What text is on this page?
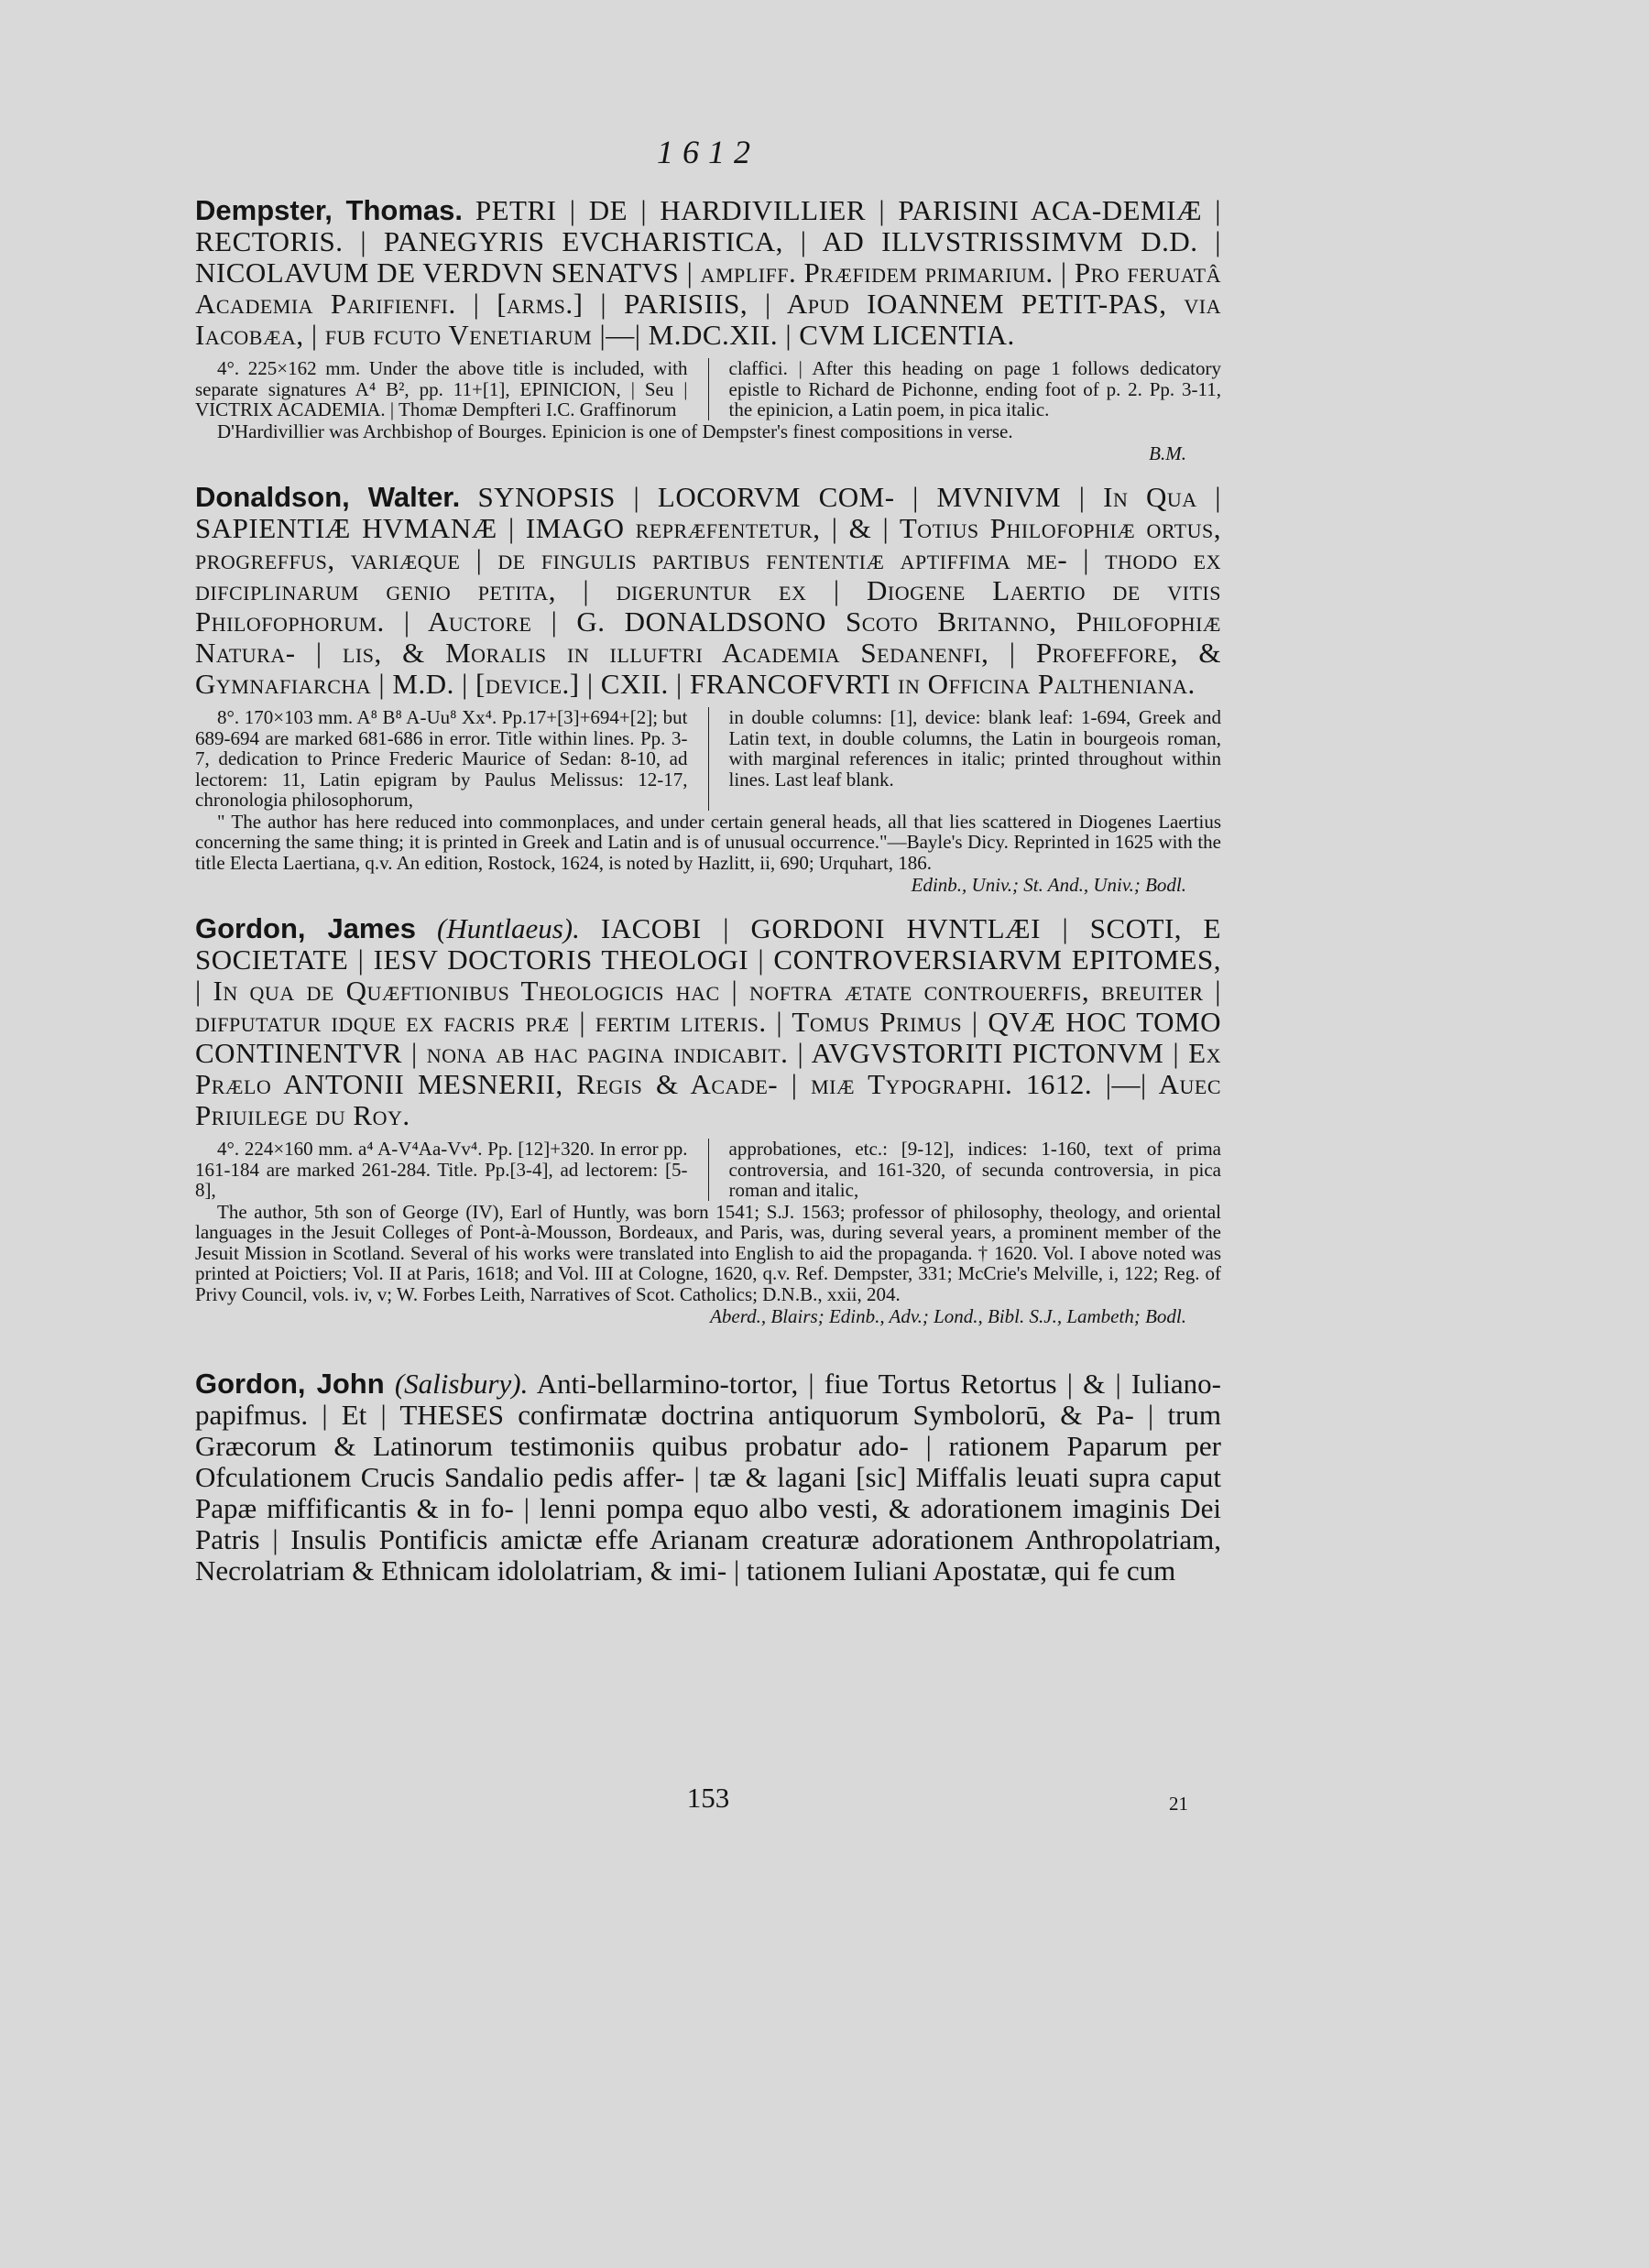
1612
Dempster, Thomas. PETRI | DE | HARDIVILLIER | PARISINI ACA-DEMIÆ | RECTORIS. | PANEGYRIS EVCHARISTICA, | AD ILLVSTRISSIMVM D.D. | NICOLAVUM DE VERDVN SENATVS | ampliff. Præfidem primarium. | Pro feruatâ Academia Parifienfi. | [arms.] | PARISIIS, | Apud IOANNEM PETIT-PAS, via Iacobæa, | fub fcuto Venetiarum |—| M.DC.XII. | CVM LICENTIA.
4°. 225×162 mm. Under the above title is included, with separate signatures A⁴ B², pp. 11+[1], EPINICION, | Seu | VICTRIX ACADEMIA. | Thomæ Dempfteri I.C. Graffinorum
claffici. | After this heading on page 1 follows dedicatory epistle to Richard de Pichonne, ending foot of p. 2. Pp. 3-11, the epinicion, a Latin poem, in pica italic.
D'Hardivillier was Archbishop of Bourges. Epinicion is one of Dempster's finest compositions in verse.
B.M.
Donaldson, Walter. SYNOPSIS | LOCORVM COM- | MVNIVM | In Qua | SAPIENTIÆ HVMANÆ | IMAGO repræfentetur, | & | Totius Philofophiæ ortus, progreffus, variæque | de fingulis partibus fententiæ aptiffima me- | thodo ex difciplinarum genio petita, | digeruntur ex | Diogene Laertio de vitis Philofophorum. | Auctore | G. DONALDSONO Scoto Britanno, Philofophiæ Natura- | lis, & Moralis in illuftri Academia Sedanenfi, | Profeffore, & Gymnafiarcha | M.D. | [device.] | CXII. | FRANCOFVRTI in Officina Paltheniana.
8°. 170×103 mm. A⁸ B⁸ A-Uu⁸ Xx⁴. Pp.17+[3]+694+[2]; but 689-694 are marked 681-686 in error. Title within lines. Pp. 3-7, dedication to Prince Frederic Maurice of Sedan: 8-10, ad lectorem: 11, Latin epigram by Paulus Melissus: 12-17, chronologia philosophorum,
in double columns: [1], device: blank leaf: 1-694, Greek and Latin text, in double columns, the Latin in bourgeois roman, with marginal references in italic; printed throughout within lines. Last leaf blank.
" The author has here reduced into commonplaces, and under certain general heads, all that lies scattered in Diogenes Laertius concerning the same thing; it is printed in Greek and Latin and is of unusual occurrence."—Bayle's Dicy. Reprinted in 1625 with the title Electa Laertiana, q.v. An edition, Rostock, 1624, is noted by Hazlitt, ii, 690; Urquhart, 186.
Edinb., Univ.; St. And., Univ.; Bodl.
Gordon, James (Huntlaeus). IACOBI | GORDONI HVNTLÆI | SCOTI, E SOCIETATE | IESV DOCTORIS THEOLOGI | CONTROVERSIARVM EPITOMES, | In qua de Quæftionibus Theologicis hac | noftra ætate controuerfis, breuiter | difputatur idque ex facris præ | fertim literis. | Tomus Primus | QVÆ HOC TOMO CONTINENTVR | nona ab hac pagina indicabit. | AVGVSTORITI PICTONVM | Ex Prælo ANTONII MESNERII, Regis & Acade- | miæ Typographi. 1612. |—| Auec Priuilege du Roy.
4°. 224×160 mm. a⁴ A-V⁴Aa-Vv⁴. Pp. [12]+320. In error pp. 161-184 are marked 261-284. Title. Pp.[3-4], ad lectorem: [5-8],
approbationes, etc.: [9-12], indices: 1-160, text of prima controversia, and 161-320, of secunda controversia, in pica roman and italic,
The author, 5th son of George (IV), Earl of Huntly, was born 1541; S.J. 1563; professor of philosophy, theology, and oriental languages in the Jesuit Colleges of Pont-à-Mousson, Bordeaux, and Paris, was, during several years, a prominent member of the Jesuit Mission in Scotland. Several of his works were translated into English to aid the propaganda. † 1620. Vol. I above noted was printed at Poictiers; Vol. II at Paris, 1618; and Vol. III at Cologne, 1620, q.v. Ref. Dempster, 331; McCrie's Melville, i, 122; Reg. of Privy Council, vols. iv, v; W. Forbes Leith, Narratives of Scot. Catholics; D.N.B., xxii, 204.
Aberd., Blairs; Edinb., Adv.; Lond., Bibl. S.J., Lambeth; Bodl.
Gordon, John (Salisbury). Anti-bellarmino-tortor, | fiue Tortus Retortus | & | Iuliano-papifmus. | Et | THESES confirmatæ doctrina antiquorum Symbolorū, & Pa- | trum Græcorum & Latinorum testimoniis quibus probatur ado- | rationem Paparum per Ofculationem Crucis Sandalio pedis affer- | tæ & lagani [sic] Miffalis leuati supra caput Papæ miffificantis & in fo- | lenni pompa equo albo vesti, & adorationem imaginis Dei Patris | Insulis Pontificis amictæ effe Arianam creaturæ adorationem Anthropolatriam, Necrolatriam & Ethnicam idololatriam, & imi- | tationem Iuliani Apostatæ, qui fe cum
153	21
